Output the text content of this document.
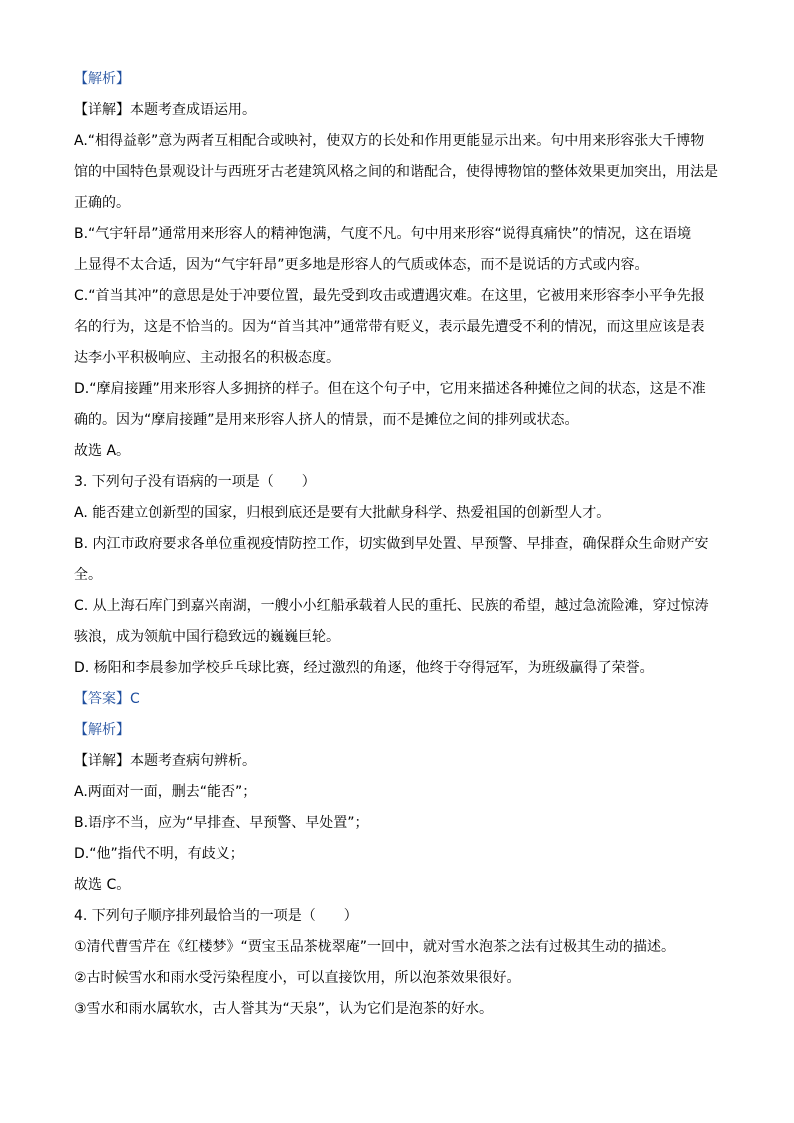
【解析】
【详解】本题考查成语运用。
A.“相得益彰”意为两者互相配合或映衬，使双方的长处和作用更能显示出来。句中用来形容张大千博物
馆的中国特色景观设计与西班牙古老建筑风格之间的和谐配合，使得博物馆的整体效果更加突出，用法是
正确的。
B.“气宇轩昂”通常用来形容人的精神饱满，气度不凡。句中用来形容“说得真痛快”的情况，这在语境
上显得不太合适，因为“气宇轩昂”更多地是形容人的气质或体态，而不是说话的方式或内容。
C.“首当其冲”的意思是处于冲要位置，最先受到攻击或遭遇灾难。在这里，它被用来形容李小平争先报
名的行为，这是不恰当的。因为“首当其冲”通常带有贬义，表示最先遭受不利的情况，而这里应该是表
达李小平积极响应、主动报名的积极态度。
D.“摩肩接踵”用来形容人多拥挤的样子。但在这个句子中，它用来描述各种摊位之间的状态，这是不准
确的。因为“摩肩接踵”是用来形容人挤人的情景，而不是摊位之间的排列或状态。
故选 A。
3. 下列句子没有语病的一项是（　　）
A. 能否建立创新型的国家，归根到底还是要有大批献身科学、热爱祖国的创新型人才。
B. 内江市政府要求各单位重视疫情防控工作，切实做到早处置、早预警、早排查，确保群众生命财产安
全。
C. 从上海石库门到嘉兴南湖，一艘小小红船承载着人民的重托、民族的希望，越过急流险滩，穿过惊涛
骇浪，成为领航中国行稳致远的巍巍巨轮。
D. 杨阳和李晨参加学校乒乓球比赛，经过激烈的角逐，他终于夺得冠军，为班级赢得了荣誉。
【答案】C
【解析】
【详解】本题考查病句辨析。
A.两面对一面，删去“能否”；
B.语序不当，应为“早排查、早预警、早处置”；
D.“他”指代不明，有歧义；
故选 C。
4. 下列句子顺序排列最恰当的一项是（　　）
①清代曹雪芹在《红楼梦》“贾宝玉品茶栊翠庵”一回中，就对雪水泡茶之法有过极其生动的描述。
②古时候雪水和雨水受污染程度小，可以直接饮用，所以泡茶效果很好。
③雪水和雨水属软水，古人誉其为“天泉”，认为它们是泡茶的好水。
